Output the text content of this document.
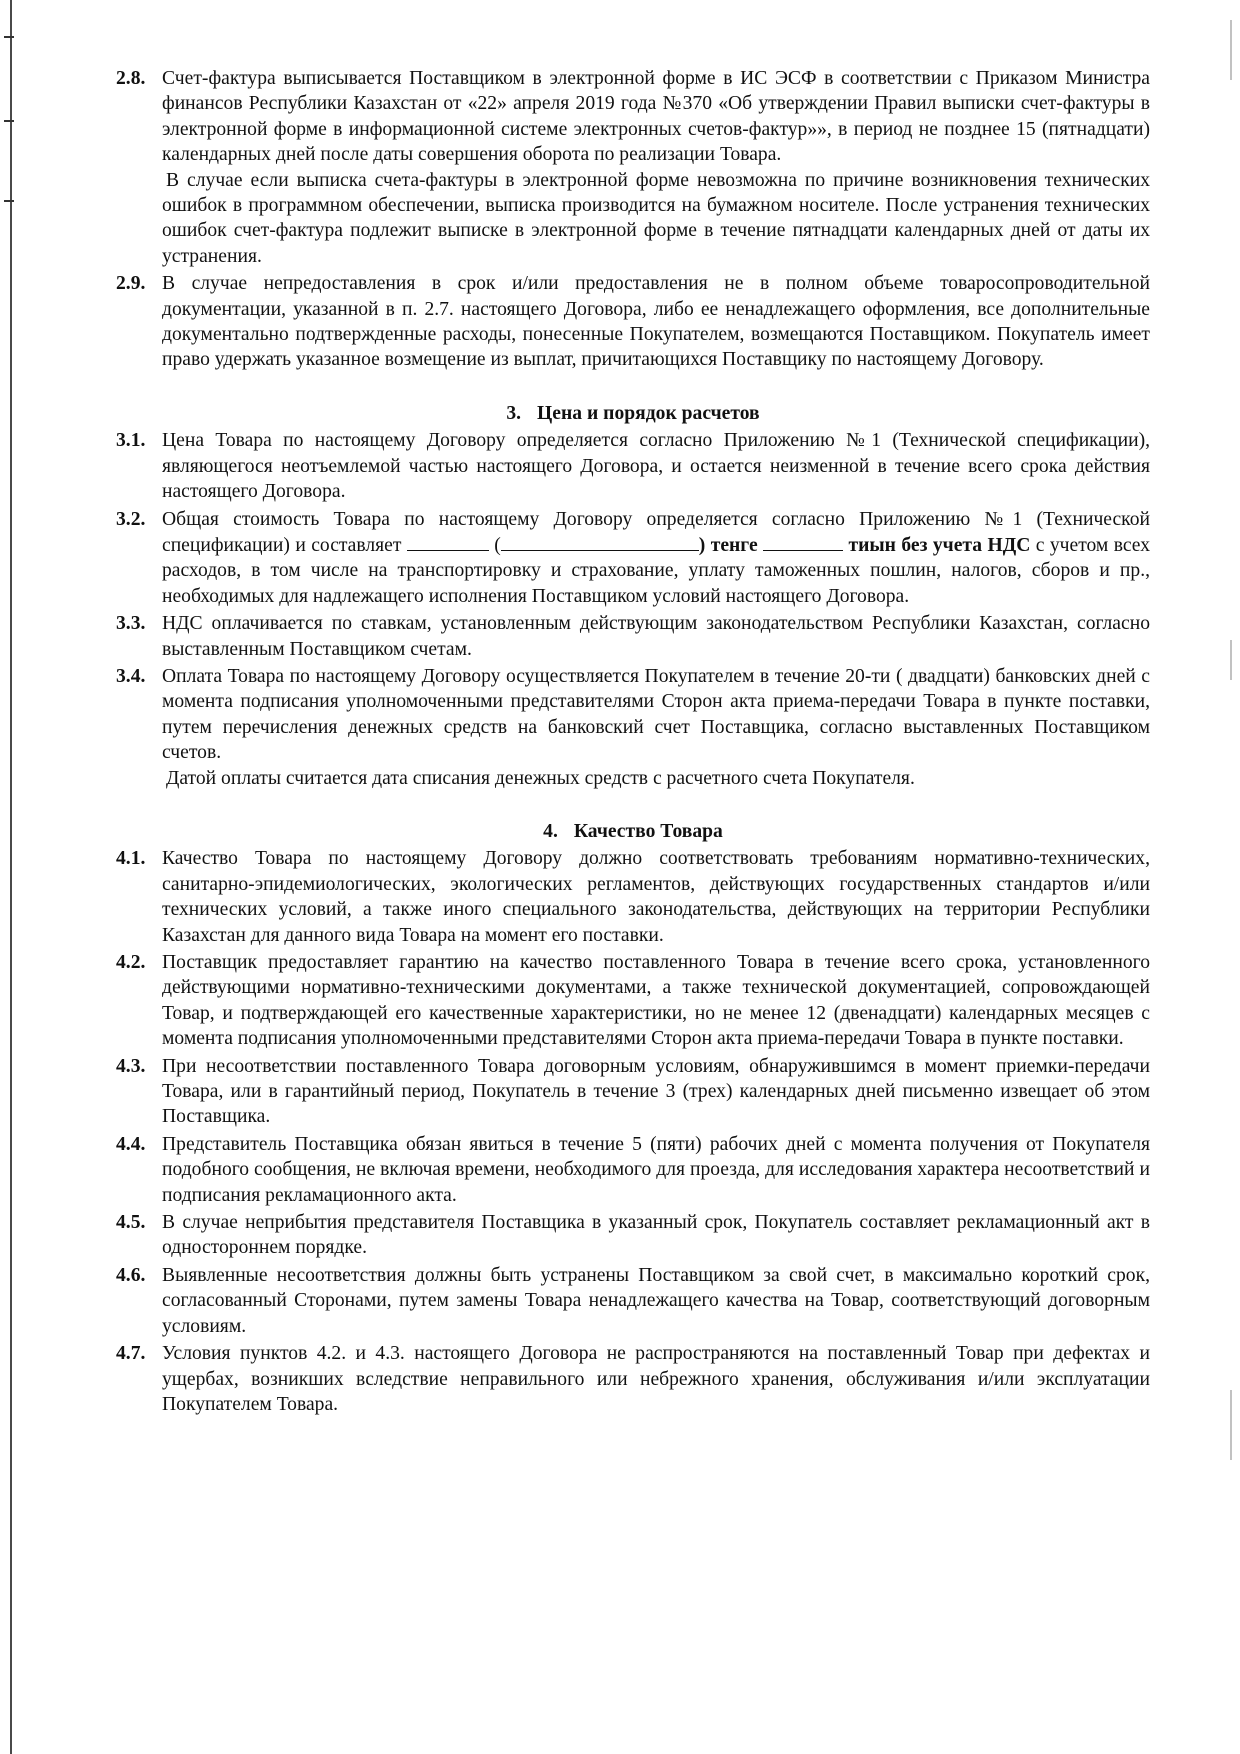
2.8. Счет-фактура выписывается Поставщиком в электронной форме в ИС ЭСФ в соответствии с Приказом Министра финансов Республики Казахстан от «22» апреля 2019 года №370 «Об утверждении Правил выписки счет-фактуры в электронной форме в информационной системе электронных счетов-фактур»», в период не позднее 15 (пятнадцати) календарных дней после даты совершения оборота по реализации Товара.

В случае если выписка счета-фактуры в электронной форме невозможна по причине возникновения технических ошибок в программном обеспечении, выписка производится на бумажном носителе. После устранения технических ошибок счет-фактура подлежит выписке в электронной форме в течение пятнадцати календарных дней от даты их устранения.

2.9. В случае непредоставления в срок и/или предоставления не в полном объеме товаросопроводительной документации, указанной в п. 2.7. настоящего Договора, либо ее ненадлежащего оформления, все дополнительные документально подтвержденные расходы, понесенные Покупателем, возмещаются Поставщиком. Покупатель имеет право удержать указанное возмещение из выплат, причитающихся Поставщику по настоящему Договору.

3. Цена и порядок расчетов
3.1. Цена Товара по настоящему Договору определяется согласно Приложению №1 (Технической спецификации), являющегося неотъемлемой частью настоящего Договора, и остается неизменной в течение всего срока действия настоящего Договора.

3.2. Общая стоимость Товара по настоящему Договору определяется согласно Приложению №1 (Технической спецификации) и составляет	(	) тенге	тиын без учета НДС с учетом всех расходов, в том числе на транспортировку и страхование, уплату таможенных пошлин, налогов, сборов и пр., необходимых для надлежащего исполнения Поставщиком условий настоящего Договора.

3.3. НДС оплачивается по ставкам, установленным действующим законодательством Республики Казахстан, согласно выставленным Поставщиком счетам.

3.4. Оплата Товара по настоящему Договору осуществляется Покупателем в течение 20-ти ( двадцати) банковских дней с момента подписания уполномоченными представителями Сторон акта приема-передачи Товара в пункте поставки, путем перечисления денежных средств на банковский счет Поставщика, согласно выставленных Поставщиком счетов.

Датой оплаты считается дата списания денежных средств с расчетного счета Покупателя.

4. Качество Товара
4.1. Качество Товара по настоящему Договору должно соответствовать требованиям нормативно-технических, санитарно-эпидемиологических, экологических регламентов, действующих государственных стандартов и/или технических условий, а также иного специального законодательства, действующих на территории Республики Казахстан для данного вида Товара на момент его поставки.

4.2. Поставщик предоставляет гарантию на качество поставленного Товара в течение всего срока, установленного действующими нормативно-техническими документами, а также технической документацией, сопровождающей Товар, и подтверждающей его качественные характеристики, но не менее 12 (двенадцати) календарных месяцев с момента подписания уполномоченными представителями Сторон акта приема-передачи Товара в пункте поставки.

4.3. При несоответствии поставленного Товара договорным условиям, обнаружившимся в момент приемки-передачи Товара, или в гарантийный период, Покупатель в течение 3 (трех) календарных дней письменно извещает об этом Поставщика.

4.4. Представитель Поставщика обязан явиться в течение 5 (пяти) рабочих дней с момента получения от Покупателя подобного сообщения, не включая времени, необходимого для проезда, для исследования характера несоответствий и подписания рекламационного акта.

4.5. В случае неприбытия представителя Поставщика в указанный срок, Покупатель составляет рекламационный акт в одностороннем порядке.

4.6. Выявленные несоответствия должны быть устранены Поставщиком за свой счет, в максимально короткий срок, согласованный Сторонами, путем замены Товара ненадлежащего качества на Товар, соответствующий договорным условиям.

4.7. Условия пунктов 4.2. и 4.3. настоящего Договора не распространяются на поставленный Товар при дефектах и ущербах, возникших вследствие неправильного или небрежного хранения, обслуживания и/или эксплуатации Покупателем Товара.
